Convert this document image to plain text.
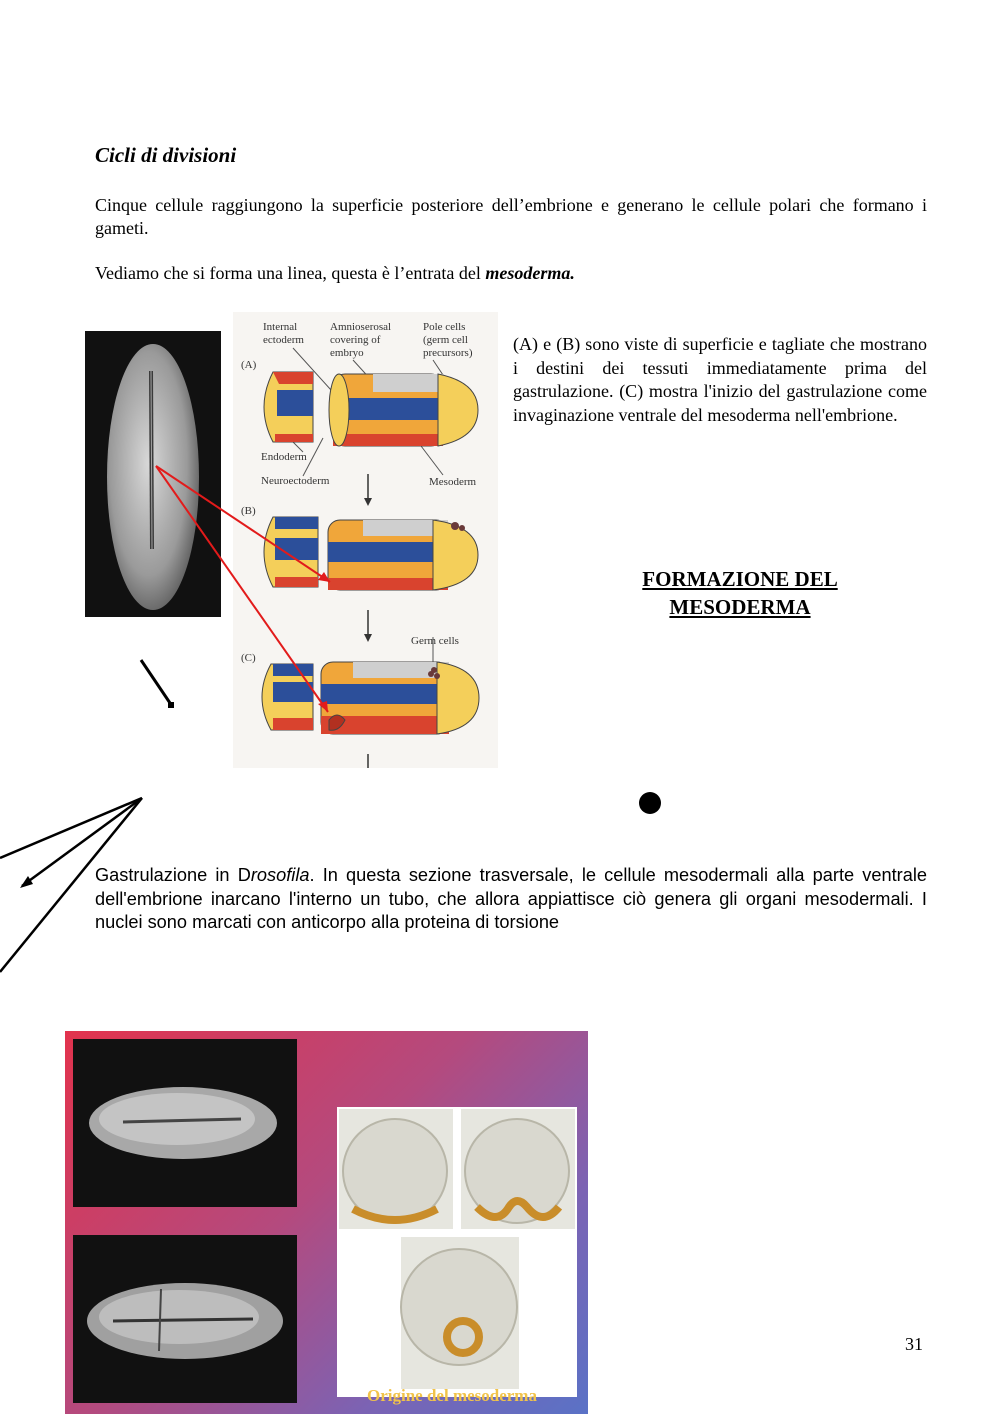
Cicli di divisioni
Cinque cellule raggiungono la superficie posteriore dell’embrione e generano le cellule polari che formano i gameti.
Vediamo che si forma una linea, questa è l’entrata del mesoderma.
Internal
ectoderm
Amnioserosal
covering of
embryo
Pole cells
(germ cell
precursors)
(A)
Endoderm
Neuroectoderm	Mesoderm
(B)
Germ cells
(C)
(A) e (B) sono viste di superficie e tagliate che mostrano i destini dei tessuti immediatamente prima del gastrulazione. (C) mostra l'inizio del gastrulazione come invaginazione ventrale del mesoderma nell'embrione.
FORMAZIONE DEL
MESODERMA
Gastrulazione in Drosofila. In questa sezione trasversale, le cellule mesodermali alla parte ventrale dell'embrione inarcano l'interno un tubo, che allora appiattisce ciò genera gli organi mesodermali. I nuclei sono marcati con anticorpo alla proteina di torsione
Origine del mesoderma
31
